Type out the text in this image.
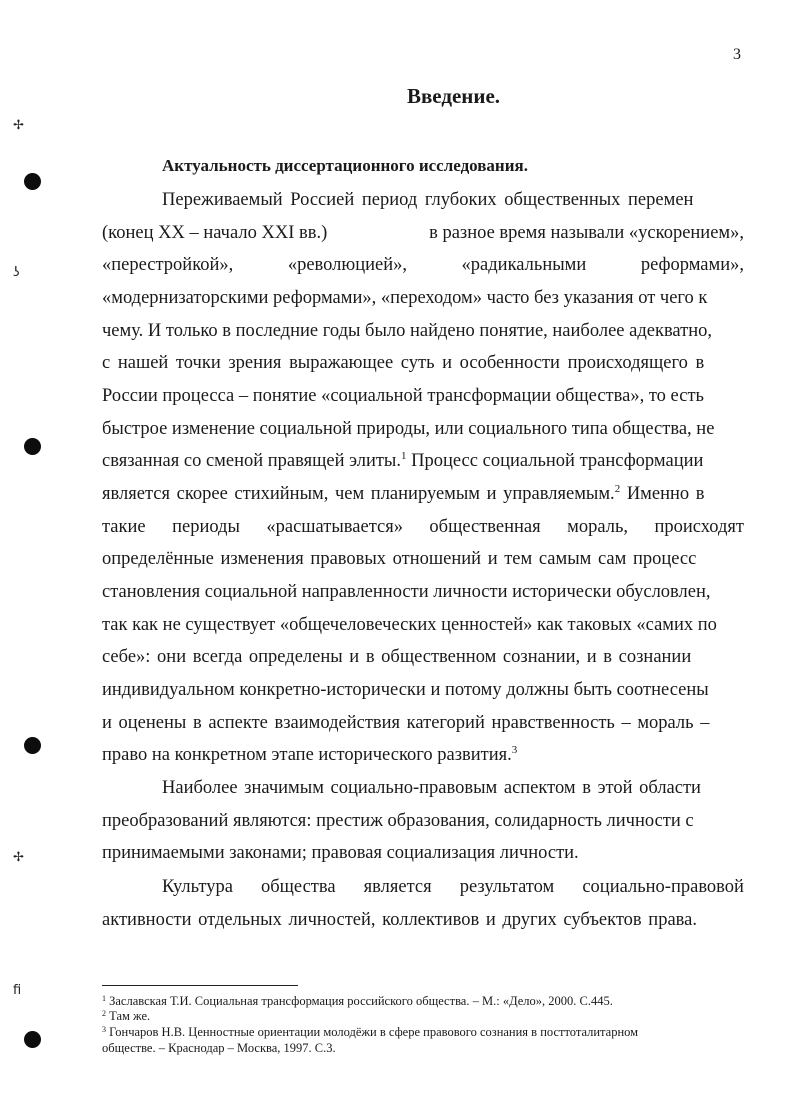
✢
ʖ
✢
ﬁ
3
Введение.
Актуальность диссертационного исследования.
Переживаемый Россией период глубоких общественных перемен
(конец XX – начало XXI вв.)	в разное время называли «ускорением»,
«перестройкой»,	«революцией»,	«радикальными	реформами»,
«модернизаторскими реформами», «переходом» часто без указания от чего к
чему. И только в последние годы было найдено понятие, наиболее адекватно,
с нашей точки зрения выражающее суть и особенности происходящего в
России процесса – понятие «социальной трансформации общества», то есть
быстрое изменение социальной природы, или социального типа общества, не
связанная со сменой правящей элиты.$^1$ Процесс социальной трансформации
является скорее стихийным, чем планируемым и управляемым.$^2$ Именно в
такие периоды «расшатывается» общественная мораль, происходят
определённые изменения правовых отношений и тем самым сам процесс
становления социальной направленности личности исторически обусловлен,
так как не существует «общечеловеческих ценностей» как таковых «самих по
себе»: они всегда определены и в общественном сознании, и в сознании
индивидуальном конкретно-исторически и потому должны быть соотнесены
и оценены в аспекте взаимодействия категорий нравственность – мораль –
право на конкретном этапе исторического развития.$^3$
Наиболее значимым социально-правовым аспектом в этой области
преобразований являются: престиж образования, солидарность личности с
принимаемыми законами; правовая социализация личности.
Культура общества является результатом социально-правовой
активности отдельных личностей, коллективов и других субъектов права.
$^1$ Заславская Т.И. Социальная трансформация российского общества. – М.: «Дело», 2000. С.445.
$^2$ Там же.
$^3$ Гончаров Н.В. Ценностные ориентации молодёжи в сфере правового сознания в посттоталитарном
обществе. – Краснодар – Москва, 1997. С.3.
